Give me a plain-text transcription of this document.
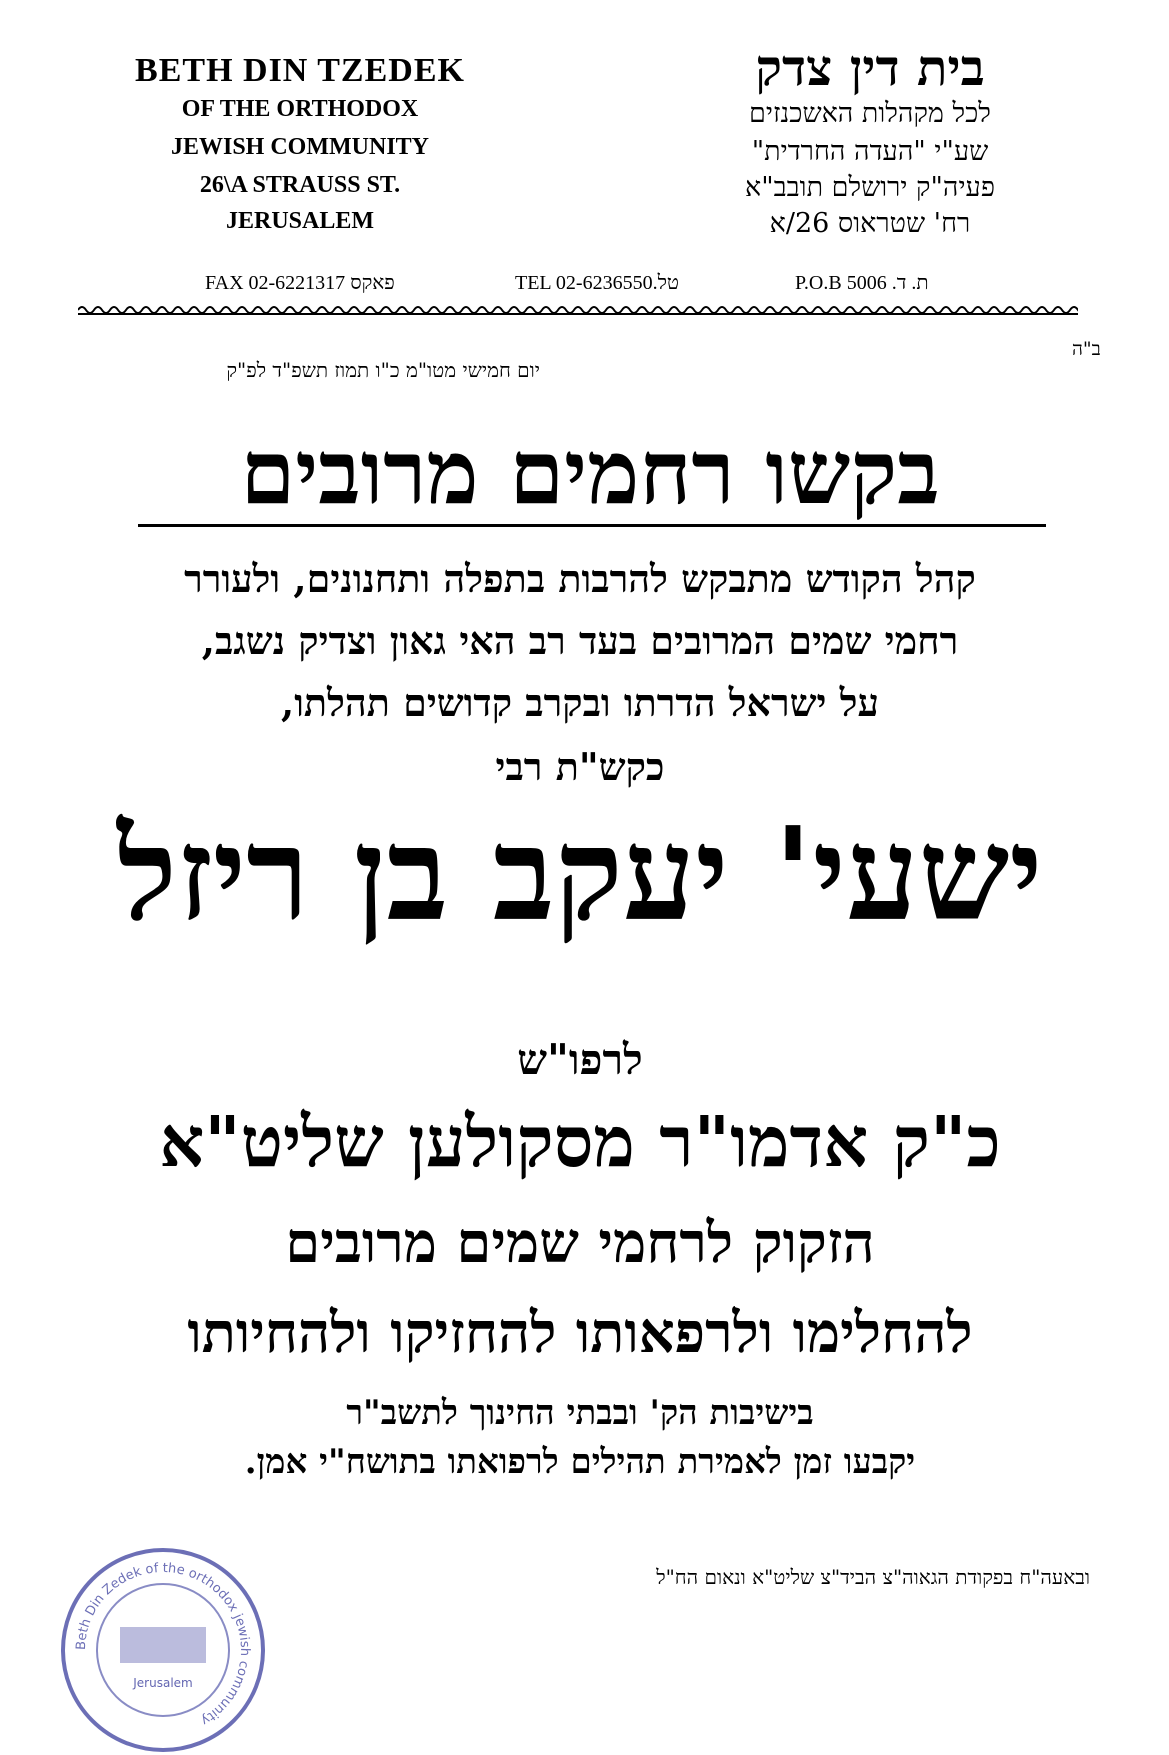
BETH DIN TZEDEK
OF THE ORTHODOX
JEWISH COMMUNITY
26\A STRAUSS ST.
JERUSALEM
בית דין צדק
לכל מקהלות האשכנזים
שע"י "העדה החרדית"
פעיה"ק ירושלם תובב"א
רח' שטראוס 26/א
FAX 02-6221317 פאקס	TEL 02-6236550.טל	P.O.B 5006 .ת. ד
ב"ה
יום חמישי מטו"מ כ"ו תמוז תשפ"ד לפ"ק
בקשו רחמים מרובים
קהל הקודש מתבקש להרבות בתפלה ותחנונים, ולעורר
רחמי שמים המרובים בעד רב האי גאון וצדיק נשגב,
על ישראל הדרתו ובקרב קדושים תהלתו,
כקש"ת רבי
ישעי' יעקב בן ריזל
לרפו"ש
כ"ק אדמו"ר מסקולען שליט"א
הזקוק לרחמי שמים מרובים
להחלימו ולרפאותו להחזיקו ולהחיותו
בישיבות הק' ובבתי החינוך לתשב"ר
יקבעו זמן לאמירת תהילים לרפואתו בתושח"י אמן.
ובאעה"ח בפקודת הגאוה"צ הביד"צ שליט"א ונאום הח"ל
Beth Din Zedek of the orthodox jewish community
Jerusalem
